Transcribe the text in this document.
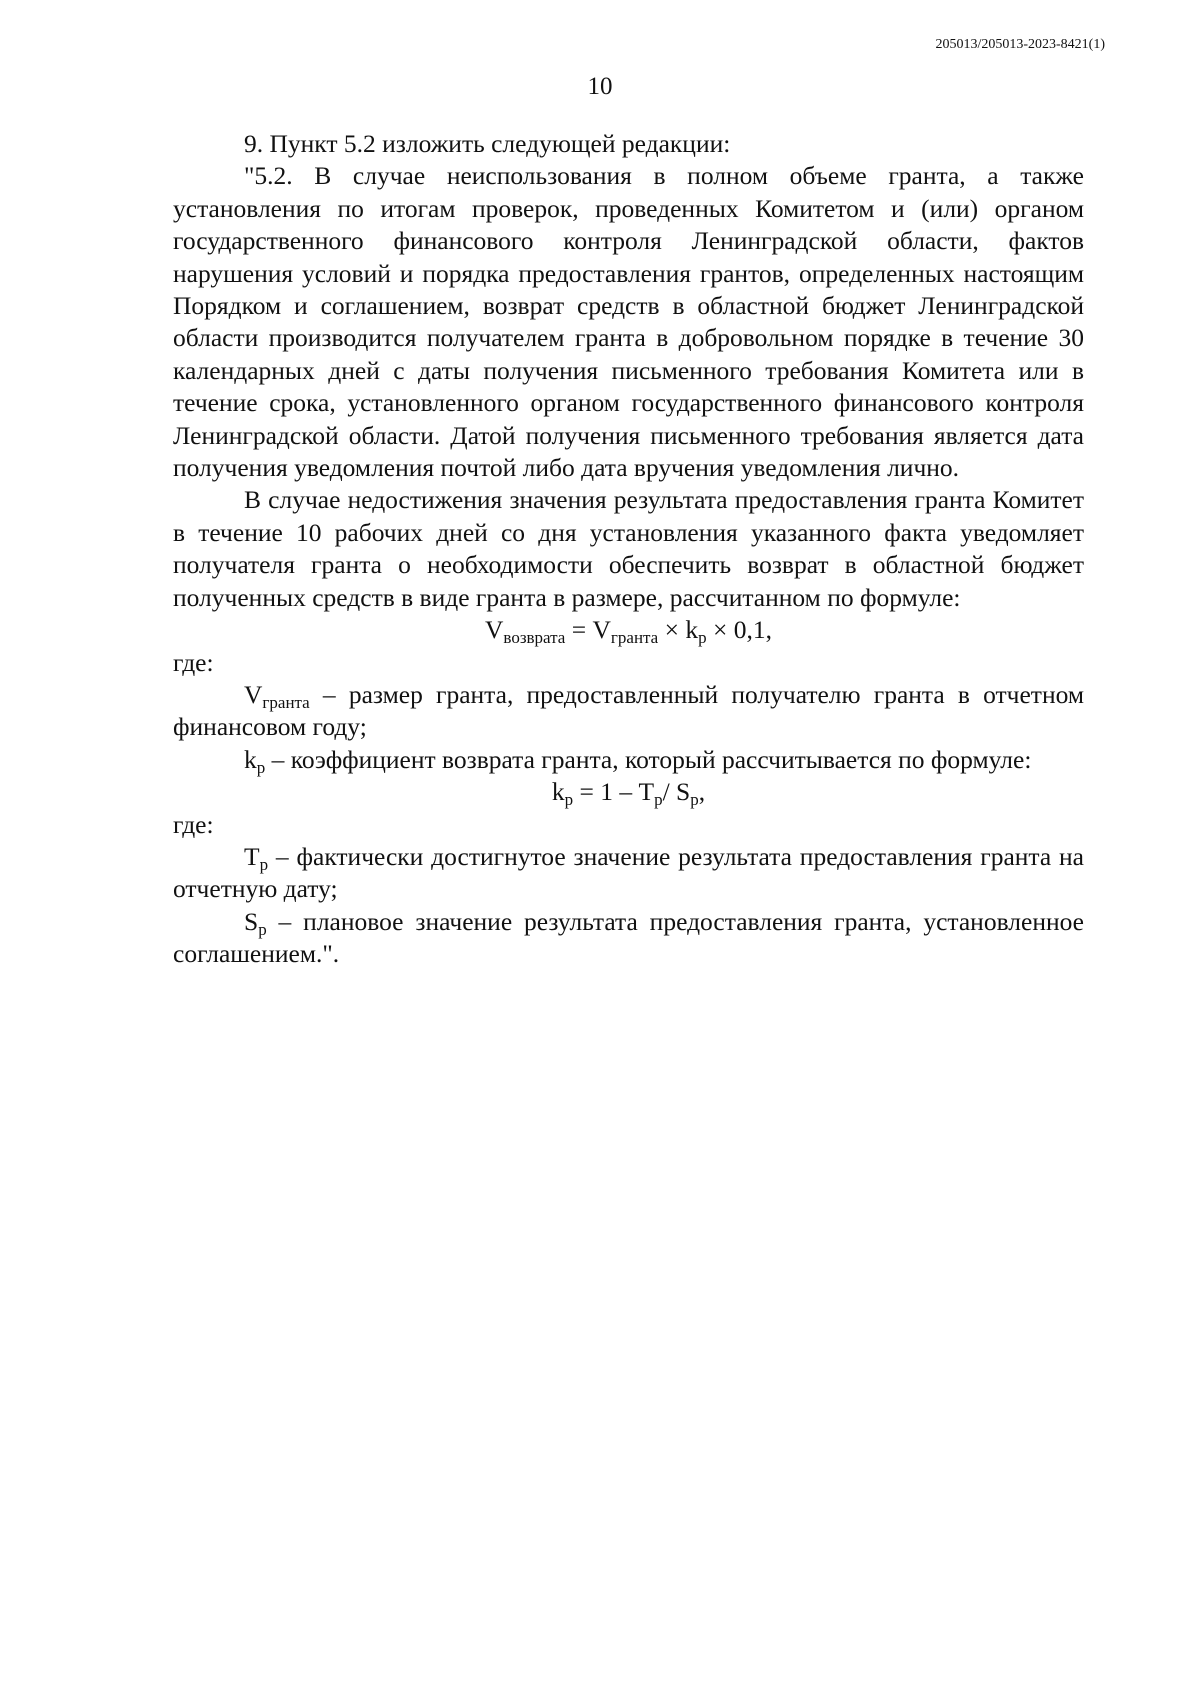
205013/205013-2023-8421(1)
10

9. Пункт 5.2 изложить следующей редакции:

"5.2. В случае неиспользования в полном объеме гранта, а также установления по итогам проверок, проведенных Комитетом и (или) органом государственного финансового контроля Ленинградской области, фактов нарушения условий и порядка предоставления грантов, определенных настоящим Порядком и соглашением, возврат средств в областной бюджет Ленинградской области производится получателем гранта в добровольном порядке в течение 30 календарных дней с даты получения письменного требования Комитета или в течение срока, установленного органом государственного финансового контроля Ленинградской области. Датой получения письменного требования является дата получения уведомления почтой либо дата вручения уведомления лично.

В случае недостижения значения результата предоставления гранта Комитет в течение 10 рабочих дней со дня установления указанного факта уведомляет получателя гранта о необходимости обеспечить возврат в областной бюджет полученных средств в виде гранта в размере, рассчитанном по формуле:

$V_{возврата} = V_{гранта} \times k_р \times 0,1$,

где:

$V_{гранта}$ – размер гранта, предоставленный получателю гранта в отчетном финансовом году;

$k_р$ – коэффициент возврата гранта, который рассчитывается по формуле:

$k_р = 1 - T_р/$ $S_р$,

где:

$T_р$ – фактически достигнутое значение результата предоставления гранта на отчетную дату;

$S_р$ – плановое значение результата предоставления гранта, установленное соглашением.".
